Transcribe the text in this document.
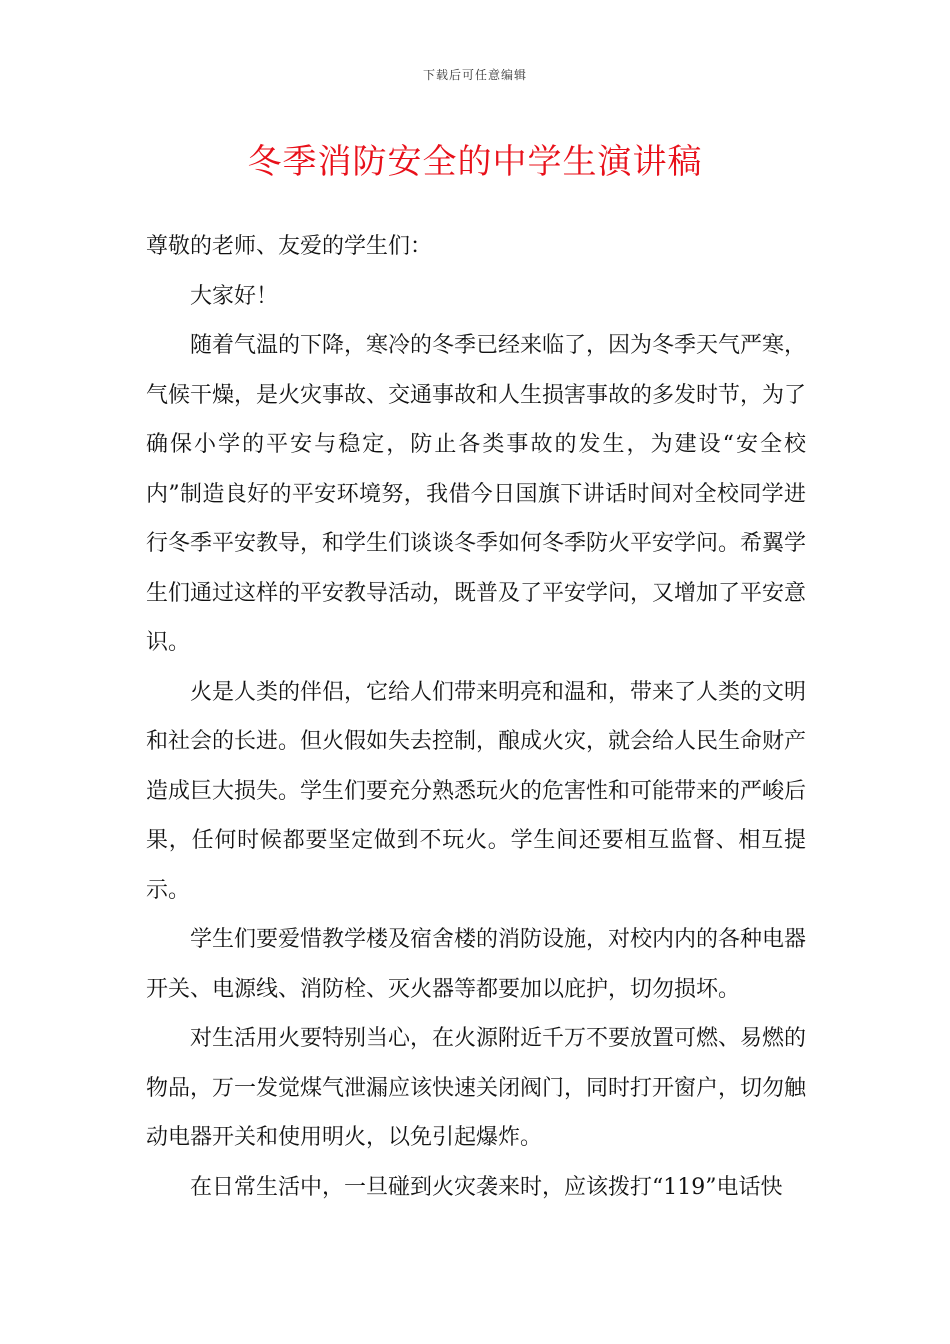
下载后可任意编辑
冬季消防安全的中学生演讲稿

尊敬的老师、友爱的学生们：

大家好！

随着气温的下降，寒冷的冬季已经来临了，因为冬季天气严寒，气候干燥，是火灾事故、交通事故和人生损害事故的多发时节，为了确保小学的平安与稳定，防止各类事故的发生，为建设“安全校内”制造良好的平安环境努，我借今日国旗下讲话时间对全校同学进行冬季平安教导，和学生们谈谈冬季如何冬季防火平安学问。希翼学生们通过这样的平安教导活动，既普及了平安学问，又增加了平安意识。

火是人类的伴侣，它给人们带来明亮和温和，带来了人类的文明和社会的长进。但火假如失去控制，酿成火灾，就会给人民生命财产造成巨大损失。学生们要充分熟悉玩火的危害性和可能带来的严峻后果，任何时候都要坚定做到不玩火。学生间还要相互监督、相互提示。

学生们要爱惜教学楼及宿舍楼的消防设施，对校内内的各种电器开关、电源线、消防栓、灭火器等都要加以庇护，切勿损坏。

对生活用火要特别当心，在火源附近千万不要放置可燃、易燃的物品，万一发觉煤气泄漏应该快速关闭阀门，同时打开窗户，切勿触动电器开关和使用明火，以免引起爆炸。

在日常生活中，一旦碰到火灾袭来时，应该拨打“119”电话快
